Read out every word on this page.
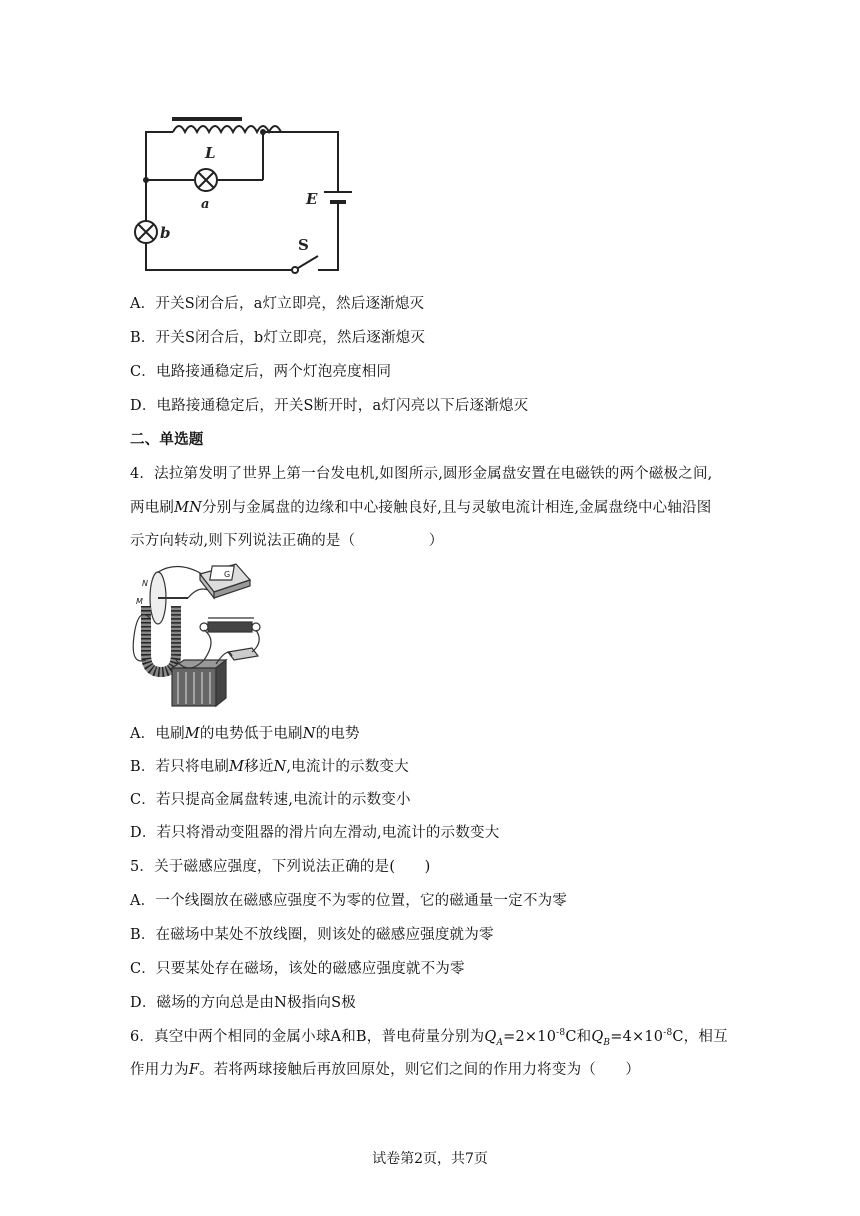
L
a
b
E
S
A．开关S闭合后，a灯立即亮，然后逐渐熄灭
B．开关S闭合后，b灯立即亮，然后逐渐熄灭
C．电路接通稳定后，两个灯泡亮度相同
D．电路接通稳定后，开关S断开时，a灯闪亮以下后逐渐熄灭
二、单选题
4．法拉第发明了世界上第一台发电机,如图所示,圆形金属盘安置在电磁铁的两个磁极之间,
两电刷MN分别与金属盘的边缘和中心接触良好,且与灵敏电流计相连,金属盘绕中心轴沿图
示方向转动,则下列说法正确的是（　　　　　）
N
M
G
A．电刷M的电势低于电刷N的电势
B．若只将电刷M移近N,电流计的示数变大
C．若只提高金属盘转速,电流计的示数变小
D．若只将滑动变阻器的滑片向左滑动,电流计的示数变大
5．关于磁感应强度，下列说法正确的是(　　)
A．一个线圈放在磁感应强度不为零的位置，它的磁通量一定不为零
B．在磁场中某处不放线圈，则该处的磁感应强度就为零
C．只要某处存在磁场，该处的磁感应强度就不为零
D．磁场的方向总是由N极指向S极
6．真空中两个相同的金属小球A和B，普电荷量分别为$Q_A=2\times 10^{-8}C$和$Q_B=4\times 10^{-8}C$，相互
作用力为F。若将两球接触后再放回原处，则它们之间的作用力将变为（　　）
试卷第2页，共7页
